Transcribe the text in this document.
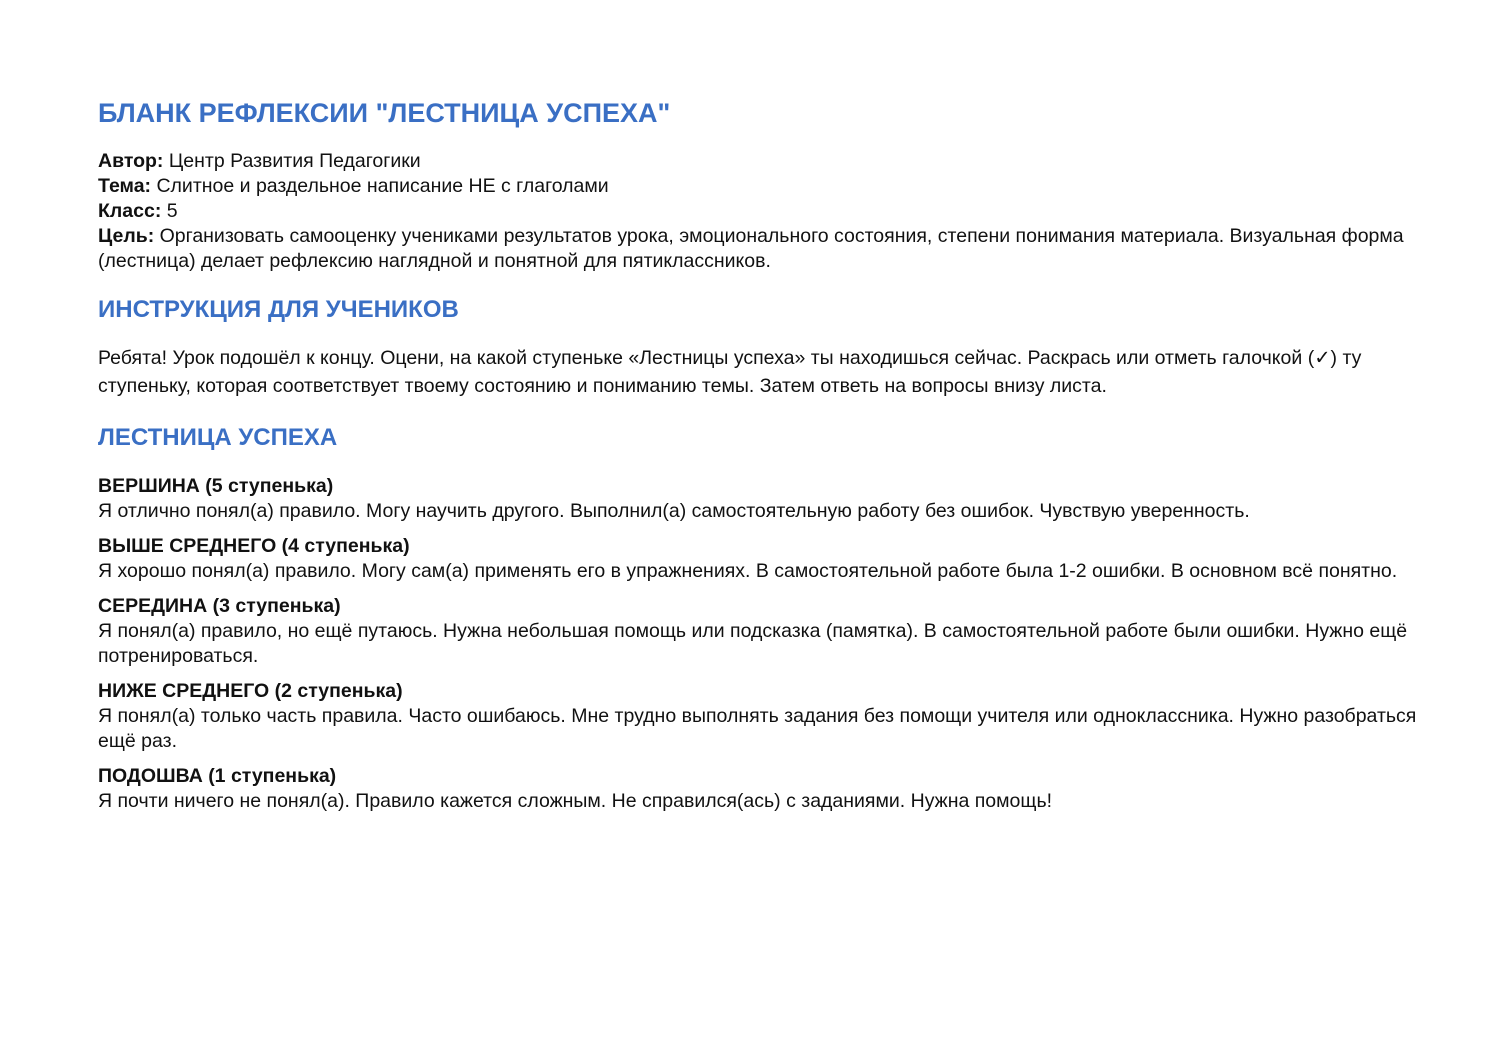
БЛАНК РЕФЛЕКСИИ "ЛЕСТНИЦА УСПЕХА"
Автор: Центр Развития Педагогики
Тема: Слитное и раздельное написание НЕ с глаголами
Класс: 5
Цель: Организовать самооценку учениками результатов урока, эмоционального состояния, степени понимания материала. Визуальная форма (лестница) делает рефлексию наглядной и понятной для пятиклассников.
ИНСТРУКЦИЯ ДЛЯ УЧЕНИКОВ
Ребята! Урок подошёл к концу. Оцени, на какой ступеньке «Лестницы успеха» ты находишься сейчас. Раскрась или отметь галочкой (✓) ту ступеньку, которая соответствует твоему состоянию и пониманию темы. Затем ответь на вопросы внизу листа.
ЛЕСТНИЦА УСПЕХА
ВЕРШИНА (5 ступенька)
Я отлично понял(а) правило. Могу научить другого. Выполнил(а) самостоятельную работу без ошибок. Чувствую уверенность.
ВЫШЕ СРЕДНЕГО (4 ступенька)
Я хорошо понял(а) правило. Могу сам(а) применять его в упражнениях. В самостоятельной работе была 1-2 ошибки. В основном всё понятно.
СЕРЕДИНА (3 ступенька)
Я понял(а) правило, но ещё путаюсь. Нужна небольшая помощь или подсказка (памятка). В самостоятельной работе были ошибки. Нужно ещё потренироваться.
НИЖЕ СРЕДНЕГО (2 ступенька)
Я понял(а) только часть правила. Часто ошибаюсь. Мне трудно выполнять задания без помощи учителя или одноклассника. Нужно разобраться ещё раз.
ПОДОШВА (1 ступенька)
Я почти ничего не понял(а). Правило кажется сложным. Не справился(ась) с заданиями. Нужна помощь!
